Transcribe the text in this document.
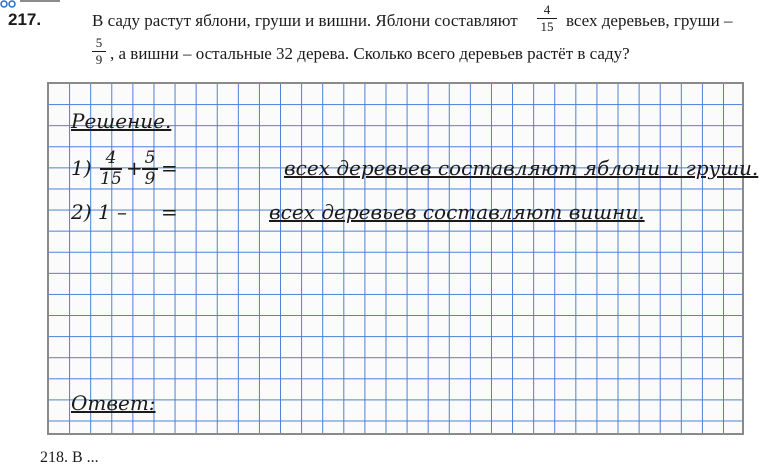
217.	В саду растут яблони, груши и вишни. Яблони составляют
4
15 всех деревьев, груши –
5
9 , а вишни – остальные 32 дерева. Сколько всего деревьев растёт в саду?
Решение.
1) 4
15 + 5
9 =	всех деревьев составляют яблони и груши.
2) 1 – =	всех деревьев составляют вишни.
Ответ:
218. В ...
